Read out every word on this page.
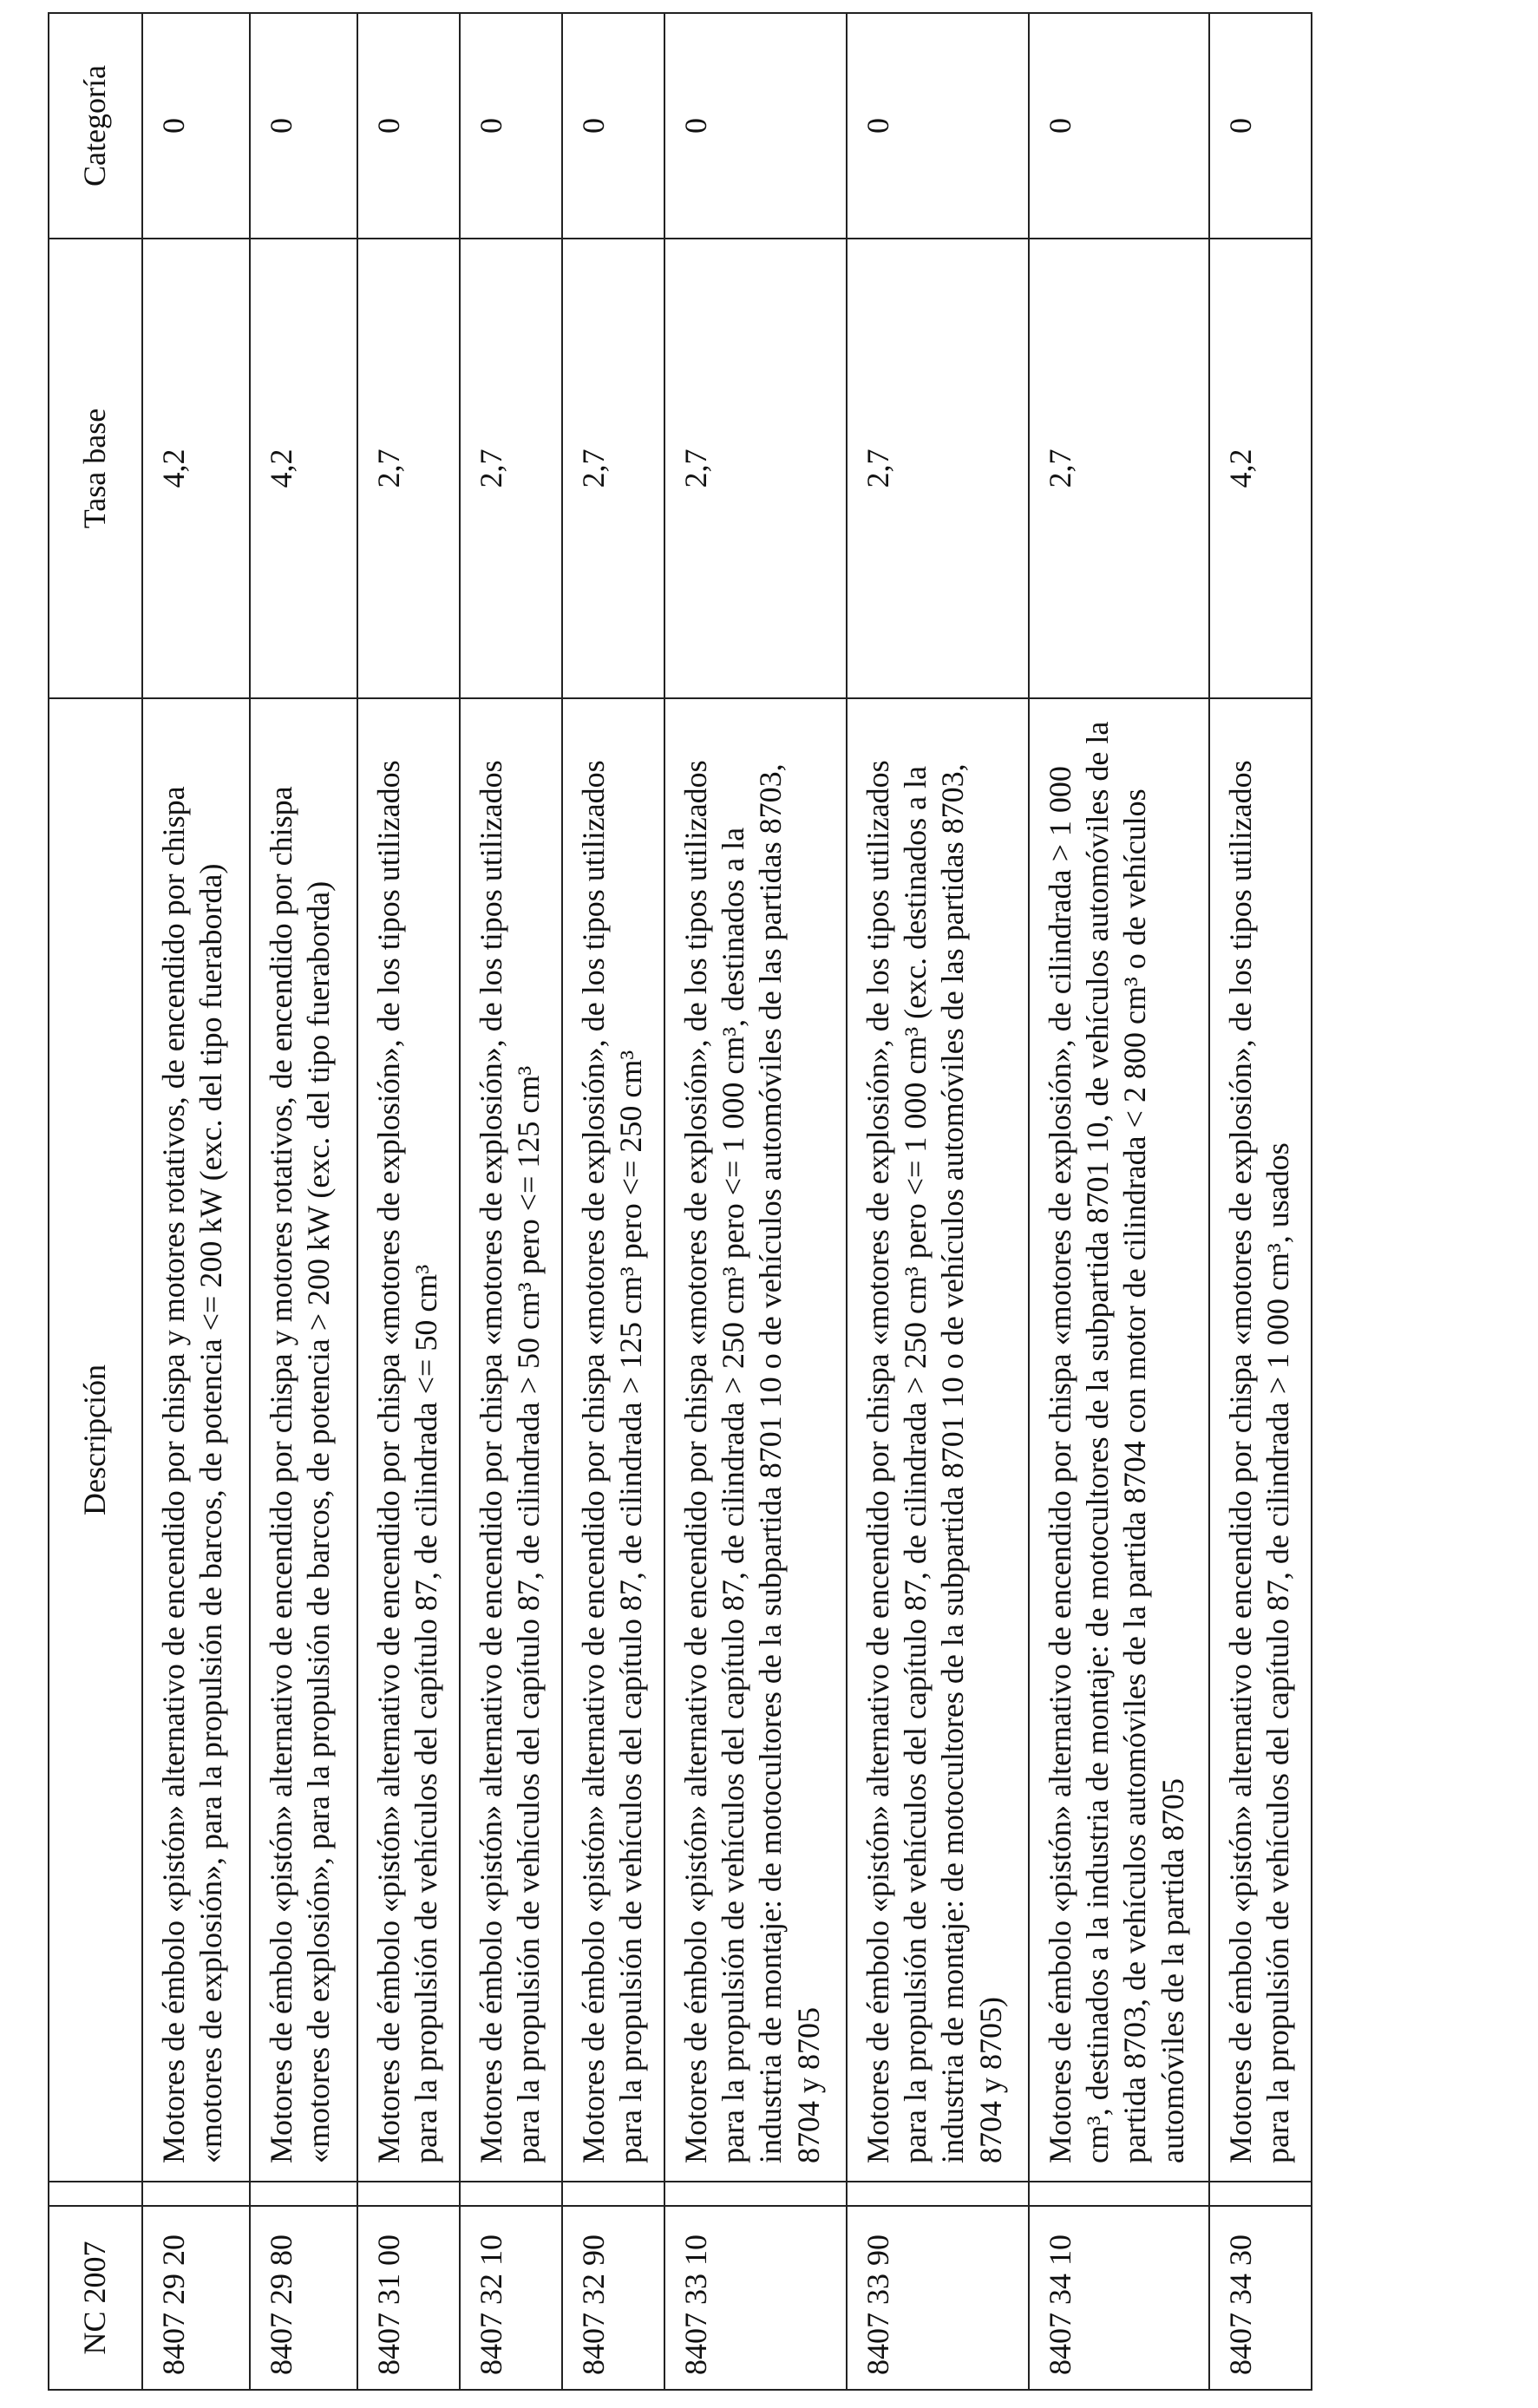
NC 2007		Descripción	Tasa base	Categoría
8407 29 20		Motores de émbolo «pistón» alternativo de encendido por chispa y motores rotativos, de encendido por chispa «motores de explosión», para la propulsión de barcos, de potencia <= 200 kW (exc. del tipo fueraborda)	4,2	0
8407 29 80		Motores de émbolo «pistón» alternativo de encendido por chispa y motores rotativos, de encendido por chispa «motores de explosión», para la propulsión de barcos, de potencia > 200 kW (exc. del tipo fueraborda)	4,2	0
8407 31 00		Motores de émbolo «pistón» alternativo de encendido por chispa «motores de explosión», de los tipos utilizados para la propulsión de vehículos del capítulo 87, de cilindrada <= 50 cm³	2,7	0
8407 32 10		Motores de émbolo «pistón» alternativo de encendido por chispa «motores de explosión», de los tipos utilizados para la propulsión de vehículos del capítulo 87, de cilindrada > 50 cm³ pero <= 125 cm³	2,7	0
8407 32 90		Motores de émbolo «pistón» alternativo de encendido por chispa «motores de explosión», de los tipos utilizados para la propulsión de vehículos del capítulo 87, de cilindrada > 125 cm³ pero <= 250 cm³	2,7	0
8407 33 10		Motores de émbolo «pistón» alternativo de encendido por chispa «motores de explosión», de los tipos utilizados para la propulsión de vehículos del capítulo 87, de cilindrada > 250 cm³ pero <= 1 000 cm³, destinados a la industria de montaje: de motocultores de la subpartida 8701 10 o de vehículos automóviles de las partidas 8703, 8704 y 8705	2,7	0
8407 33 90		Motores de émbolo «pistón» alternativo de encendido por chispa «motores de explosión», de los tipos utilizados para la propulsión de vehículos del capítulo 87, de cilindrada > 250 cm³ pero <= 1 000 cm³ (exc. destinados a la industria de montaje: de motocultores de la subpartida 8701 10 o de vehículos automóviles de las partidas 8703, 8704 y 8705)	2,7	0
8407 34 10		Motores de émbolo «pistón» alternativo de encendido por chispa «motores de explosión», de cilindrada > 1 000 cm³, destinados a la industria de montaje: de motocultores de la subpartida 8701 10, de vehículos automóviles de la partida 8703, de vehículos automóviles de la partida 8704 con motor de cilindrada < 2 800 cm³ o de vehículos automóviles de la partida 8705	2,7	0
8407 34 30		Motores de émbolo «pistón» alternativo de encendido por chispa «motores de explosión», de los tipos utilizados para la propulsión de vehículos del capítulo 87, de cilindrada > 1 000 cm³, usados	4,2	0
